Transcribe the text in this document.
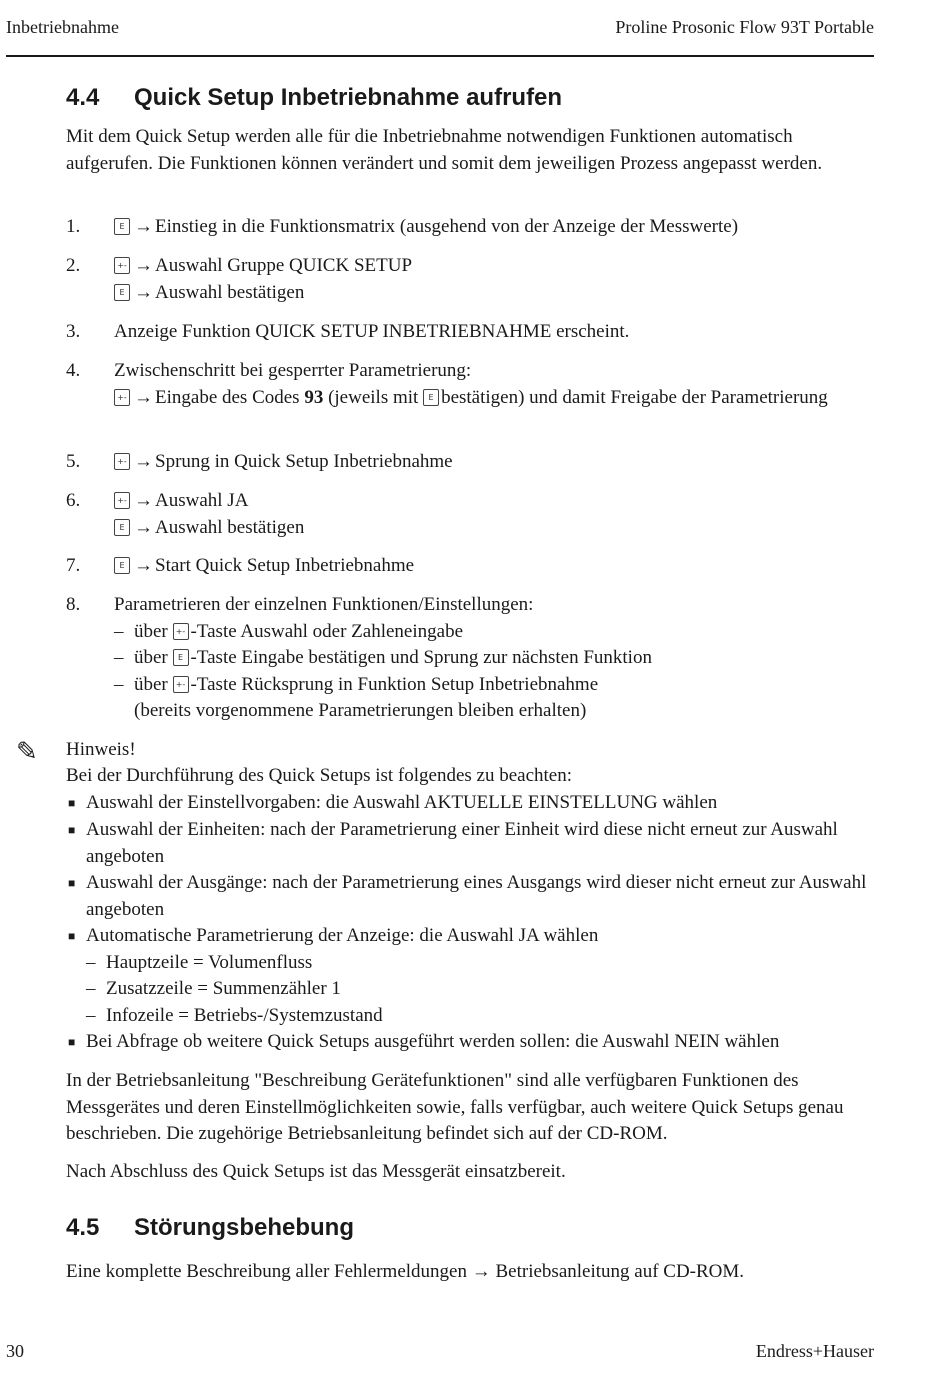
Inbetriebnahme	Proline Prosonic Flow 93T Portable
4.4 Quick Setup Inbetriebnahme aufrufen

Mit dem Quick Setup werden alle für die Inbetriebnahme notwendigen Funktionen automatisch aufgerufen. Die Funktionen können verändert und somit dem jeweiligen Prozess angepasst werden.

1.	E → Einstieg in die Funktionsmatrix (ausgehend von der Anzeige der Messwerte)
2.	+- → Auswahl Gruppe QUICK SETUP
E → Auswahl bestätigen
3. Anzeige Funktion QUICK SETUP INBETRIEBNAHME erscheint.
4. Zwischenschritt bei gesperrter Parametrierung:
+- → Eingabe des Codes 93 (jeweils mit E bestätigen) und damit Freigabe der Parametrierung
5.	+- → Sprung in Quick Setup Inbetriebnahme
6.	+- → Auswahl JA
E → Auswahl bestätigen
7.	E → Start Quick Setup Inbetriebnahme
8. Parametrieren der einzelnen Funktionen/Einstellungen:
– über +- -Taste Auswahl oder Zahleneingabe
– über E -Taste Eingabe bestätigen und Sprung zur nächsten Funktion
– über +- -Taste Rücksprung in Funktion Setup Inbetriebnahme
(bereits vorgenommene Parametrierungen bleiben erhalten)
Hinweis!
Bei der Durchführung des Quick Setups ist folgendes zu beachten:
■ Auswahl der Einstellvorgaben: die Auswahl AKTUELLE EINSTELLUNG wählen
■ Auswahl der Einheiten: nach der Parametrierung einer Einheit wird diese nicht erneut zur Auswahl angeboten
■ Auswahl der Ausgänge: nach der Parametrierung eines Ausgangs wird dieser nicht erneut zur Auswahl angeboten
■ Automatische Parametrierung der Anzeige: die Auswahl JA wählen
– Hauptzeile = Volumenfluss
– Zusatzzeile = Summenzähler 1
– Infozeile = Betriebs-/Systemzustand
■ Bei Abfrage ob weitere Quick Setups ausgeführt werden sollen: die Auswahl NEIN wählen

In der Betriebsanleitung "Beschreibung Gerätefunktionen" sind alle verfügbaren Funktionen des Messgerätes und deren Einstellmöglichkeiten sowie, falls verfügbar, auch weitere Quick Setups genau beschrieben. Die zugehörige Betriebsanleitung befindet sich auf der CD-ROM.

Nach Abschluss des Quick Setups ist das Messgerät einsatzbereit.

4.5 Störungsbehebung

Eine komplette Beschreibung aller Fehlermeldungen → Betriebsanleitung auf CD-ROM.

✎
30	Endress+Hauser
